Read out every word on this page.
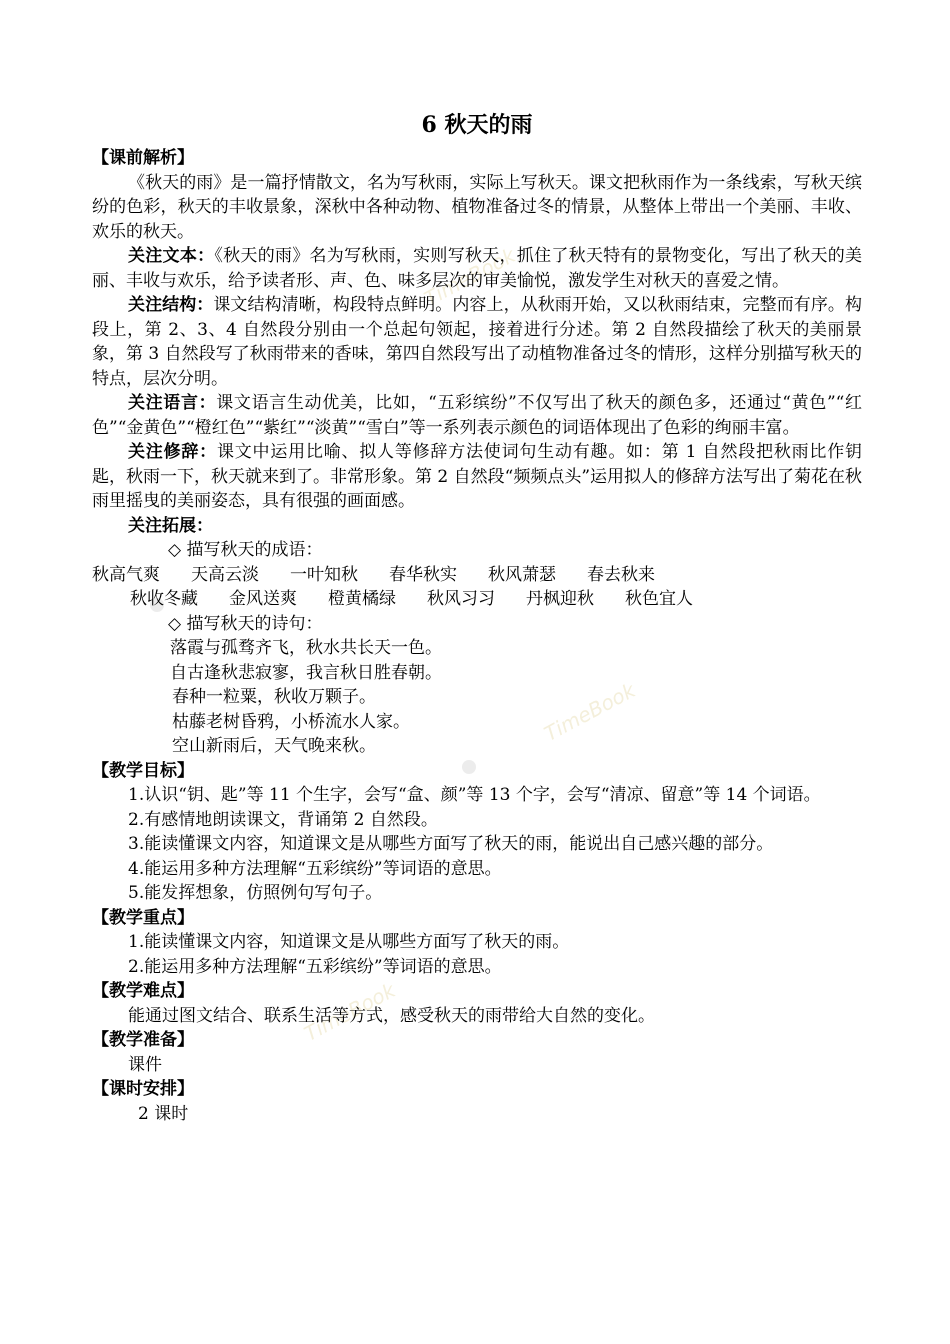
TimeBook
TimeBook
TimeBook
6 秋天的雨

【课前解析】

《秋天的雨》是一篇抒情散文，名为写秋雨，实际上写秋天。课文把秋雨作为一条线索，写秋天缤纷的色彩，秋天的丰收景象，深秋中各种动物、植物准备过冬的情景，从整体上带出一个美丽、丰收、欢乐的秋天。

关注文本：《秋天的雨》名为写秋雨，实则写秋天，抓住了秋天特有的景物变化，写出了秋天的美丽、丰收与欢乐，给予读者形、声、色、味多层次的审美愉悦，激发学生对秋天的喜爱之情。

关注结构：课文结构清晰，构段特点鲜明。内容上，从秋雨开始，又以秋雨结束，完整而有序。构段上，第 2、3、4 自然段分别由一个总起句领起，接着进行分述。第 2 自然段描绘了秋天的美丽景象，第 3 自然段写了秋雨带来的香味，第四自然段写出了动植物准备过冬的情形，这样分别描写秋天的特点，层次分明。

关注语言：课文语言生动优美，比如，“五彩缤纷”不仅写出了秋天的颜色多，还通过“黄色”“红色”“金黄色”“橙红色”“紫红”“淡黄”“雪白”等一系列表示颜色的词语体现出了色彩的绚丽丰富。

关注修辞：课文中运用比喻、拟人等修辞方法使词句生动有趣。如：第 1 自然段把秋雨比作钥匙，秋雨一下，秋天就来到了。非常形象。第 2 自然段“频频点头”运用拟人的修辞方法写出了菊花在秋雨里摇曳的美丽姿态，具有很强的画面感。

关注拓展：

◇ 描写秋天的成语：

秋高气爽 天高云淡 一叶知秋 春华秋实 秋风萧瑟 春去秋来
秋收冬藏 金风送爽 橙黄橘绿 秋风习习 丹枫迎秋 秋色宜人

◇ 描写秋天的诗句：

落霞与孤骛齐飞，秋水共长天一色。

自古逢秋悲寂寥，我言秋日胜春朝。

春种一粒粟，秋收万颗子。

枯藤老树昏鸦，小桥流水人家。

空山新雨后，天气晚来秋。

【教学目标】

1.认识“钥、匙”等 11 个生字，会写“盒、颜”等 13 个字，会写“清凉、留意”等 14 个词语。

2.有感情地朗读课文，背诵第 2 自然段。

3.能读懂课文内容，知道课文是从哪些方面写了秋天的雨，能说出自己感兴趣的部分。

4.能运用多种方法理解“五彩缤纷”等词语的意思。

5.能发挥想象，仿照例句写句子。

【教学重点】

1.能读懂课文内容，知道课文是从哪些方面写了秋天的雨。

2.能运用多种方法理解“五彩缤纷”等词语的意思。

【教学难点】

能通过图文结合、联系生活等方式，感受秋天的雨带给大自然的变化。

【教学准备】

课件

【课时安排】

2 课时
